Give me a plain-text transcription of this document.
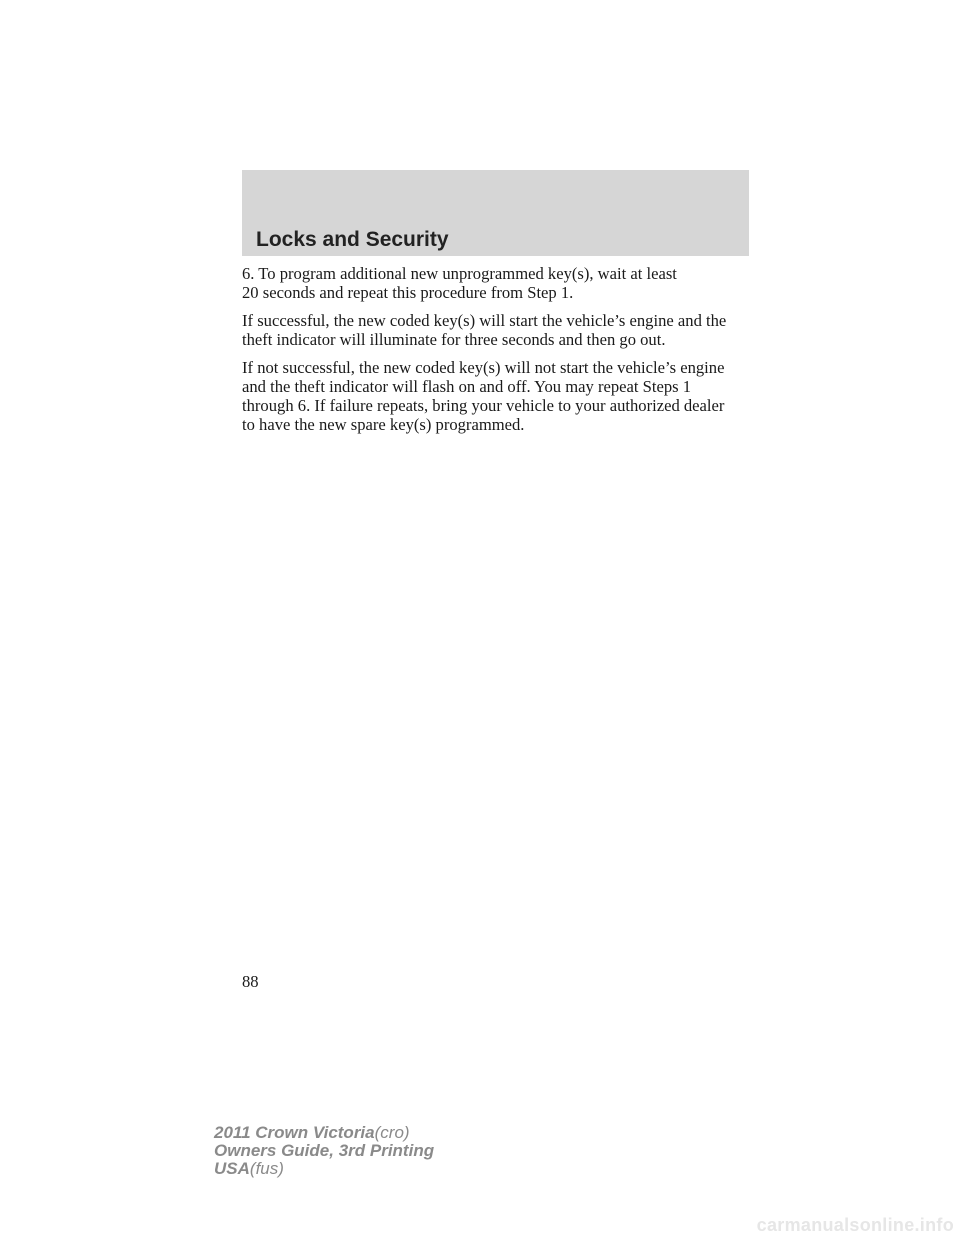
Locks and Security

6. To program additional new unprogrammed key(s), wait at least
20 seconds and repeat this procedure from Step 1.

If successful, the new coded key(s) will start the vehicle’s engine and the
theft indicator will illuminate for three seconds and then go out.

If not successful, the new coded key(s) will not start the vehicle’s engine
and the theft indicator will flash on and off. You may repeat Steps 1
through 6. If failure repeats, bring your vehicle to your authorized dealer
to have the new spare key(s) programmed.

88
2011 Crown Victoria(cro)
Owners Guide, 3rd Printing
USA(fus)
carmanualsonline.info
